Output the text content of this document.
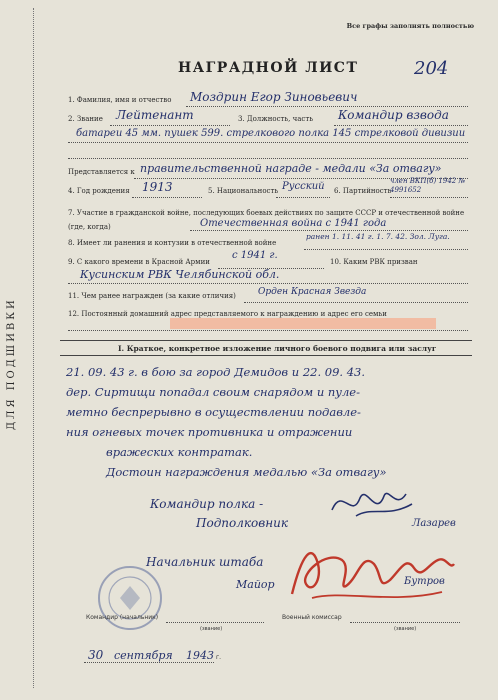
Все графы заполнять полностью
НАГРАДНОЙ ЛИСТ	204
ДЛЯ ПОДШИВКИ
1. Фамилия, имя и отчество Моздрин Егор Зиновьевич
2. Звание Лейтенант	3. Должность, часть Командир взвода
батареи 45 мм. пушек 599. стрелкового полка 145 стрелковой дивизии
Представляется к правительственной награде - медали «За отвагу»
4. Год рождения 1913	5. Национальность Русский 6. Партийность
член ВКП(б) 1942 № 4991652
7. Участие в гражданской войне, последующих боевых действиях по защите СССР и отечественной войне (где, когда)	Отечественная война с 1941 года
8. Имеет ли ранения и контузии в отечественной войне
ранен 1. 11. 41 г. 1. 7. 42. Зол. Луга.
9. С какого времени в Красной Армии
с 1941 г.
10. Каким РВК призван
Кусинским РВК Челябинской обл.
11. Чем ранее награжден (за какие отличия) Орден Красная Звезда
12. Постоянный домашний адрес представляемого к награждению и адрес его семьи
I. Краткое, конкретное изложение личного боевого подвига или заслуг
21. 09. 43 г. в бою за город Демидов и 22. 09. 43.
дер. Сиртищи попадал своим снарядом и пуле-
метно беспрерывно в осуществлении подавле-
ния огневых точек противника и отражении
вражеских контратак.
Достоин награждения медалью «За отвагу»
Командир полка -
Подполковник	Лазарев
Начальник штаба
Майор	Бутров
Командир (начальник)
(звание)
Военный комиссар
(звание)
30 сентября 1943 г.
